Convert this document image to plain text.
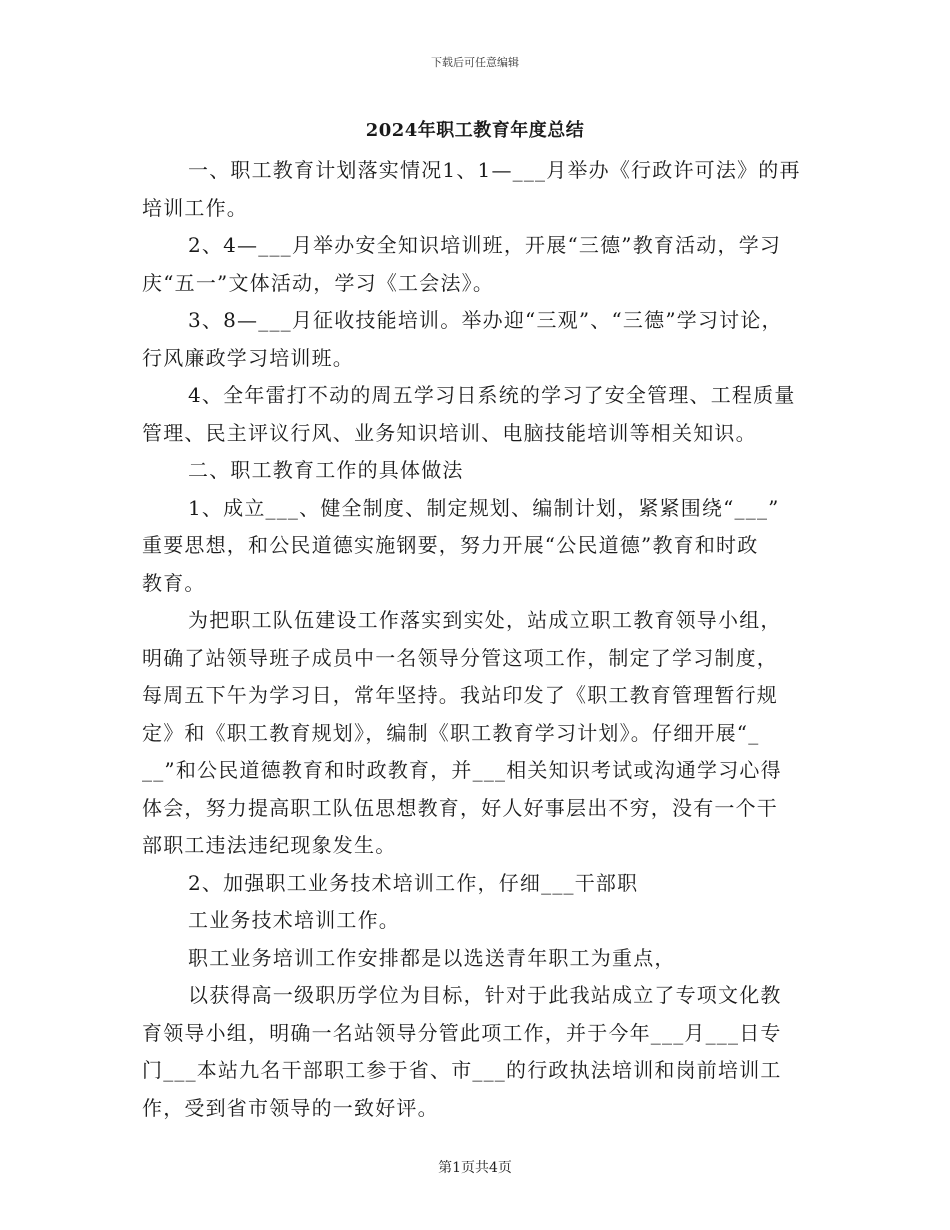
下载后可任意编辑
2024年职工教育年度总结

一、职工教育计划落实情况1、1—___月举办《行政许可法》的再
培训工作。

2、4—___月举办安全知识培训班，开展“三德”教育活动，学习
庆“五一”文体活动，学习《工会法》。

3、8—___月征收技能培训。举办迎“三观”、“三德”学习讨论，
行风廉政学习培训班。

4、全年雷打不动的周五学习日系统的学习了安全管理、工程质量
管理、民主评议行风、业务知识培训、电脑技能培训等相关知识。

二、职工教育工作的具体做法

1、成立___、健全制度、制定规划、编制计划，紧紧围绕“___”
重要思想，和公民道德实施钢要，努力开展“公民道德”教育和时政
教育。

为把职工队伍建设工作落实到实处，站成立职工教育领导小组，
明确了站领导班子成员中一名领导分管这项工作，制定了学习制度，
每周五下午为学习日，常年坚持。我站印发了《职工教育管理暂行规
定》和《职工教育规划》，编制《职工教育学习计划》。仔细开展“_
__”和公民道德教育和时政教育，并___相关知识考试或沟通学习心得
体会，努力提高职工队伍思想教育，好人好事层出不穷，没有一个干
部职工违法违纪现象发生。

2、加强职工业务技术培训工作，仔细___干部职

工业务技术培训工作。

职工业务培训工作安排都是以选送青年职工为重点，

以获得高一级职历学位为目标，针对于此我站成立了专项文化教
育领导小组，明确一名站领导分管此项工作，并于今年___月___日专
门___本站九名干部职工参于省、市___的行政执法培训和岗前培训工
作，受到省市领导的一致好评。

第1页共4页
